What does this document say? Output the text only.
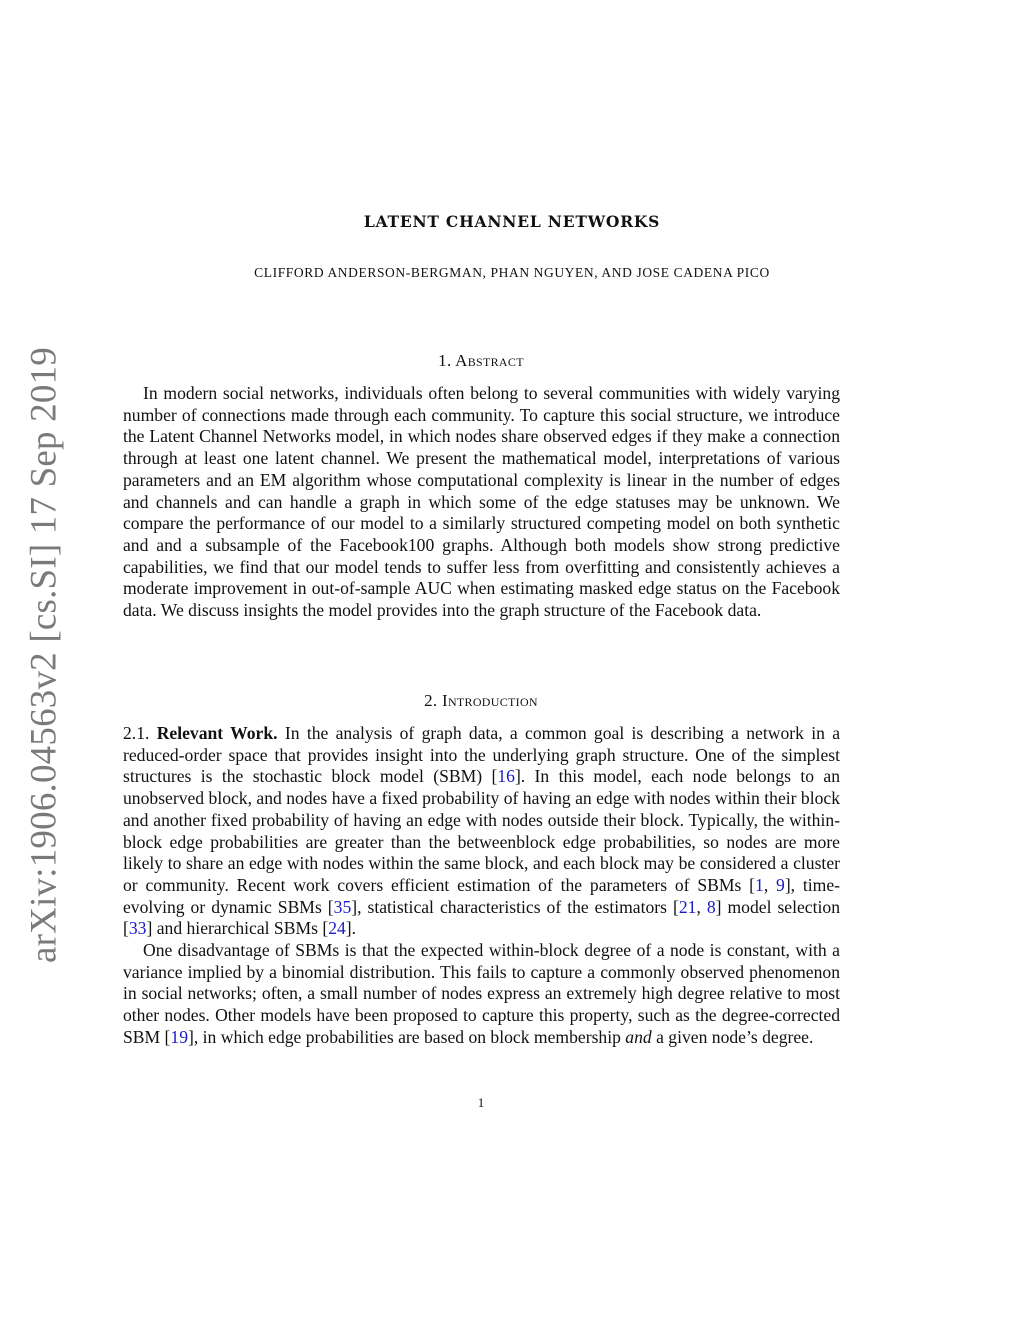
arXiv:1906.04563v2 [cs.SI] 17 Sep 2019
LATENT CHANNEL NETWORKS
CLIFFORD ANDERSON-BERGMAN, PHAN NGUYEN, AND JOSE CADENA PICO
1. Abstract

In modern social networks, individuals often belong to several communities with widely varying number of connections made through each community. To capture this social structure, we introduce the Latent Channel Networks model, in which nodes share observed edges if they make a connection through at least one latent channel. We present the mathematical model, interpretations of various parameters and an EM algorithm whose computational complexity is linear in the number of edges and channels and can handle a graph in which some of the edge statuses may be unknown. We compare the performance of our model to a similarly structured competing model on both synthetic and and a subsample of the Facebook100 graphs. Although both models show strong predictive capabilities, we find that our model tends to suffer less from overfitting and consistently achieves a moderate improvement in out-of-sample AUC when estimating masked edge status on the Facebook data. We discuss insights the model provides into the graph structure of the Facebook data.

2. Introduction

2.1. Relevant Work. In the analysis of graph data, a common goal is describing a network in a reduced-order space that provides insight into the underlying graph structure. One of the simplest structures is the stochastic block model (SBM) [16]. In this model, each node belongs to an unobserved block, and nodes have a fixed probability of having an edge with nodes within their block and another fixed probability of having an edge with nodes outside their block. Typically, the within-block edge probabilities are greater than the betweenblock edge probabilities, so nodes are more likely to share an edge with nodes within the same block, and each block may be considered a cluster or community. Recent work covers efficient estimation of the parameters of SBMs [1, 9], time-evolving or dynamic SBMs [35], statistical characteristics of the estimators [21, 8] model selection [33] and hierarchical SBMs [24].

One disadvantage of SBMs is that the expected within-block degree of a node is constant, with a variance implied by a binomial distribution. This fails to capture a commonly observed phenomenon in social networks; often, a small number of nodes express an extremely high degree relative to most other nodes. Other models have been proposed to capture this property, such as the degree-corrected SBM [19], in which edge probabilities are based on block membership and a given node’s degree.

1
